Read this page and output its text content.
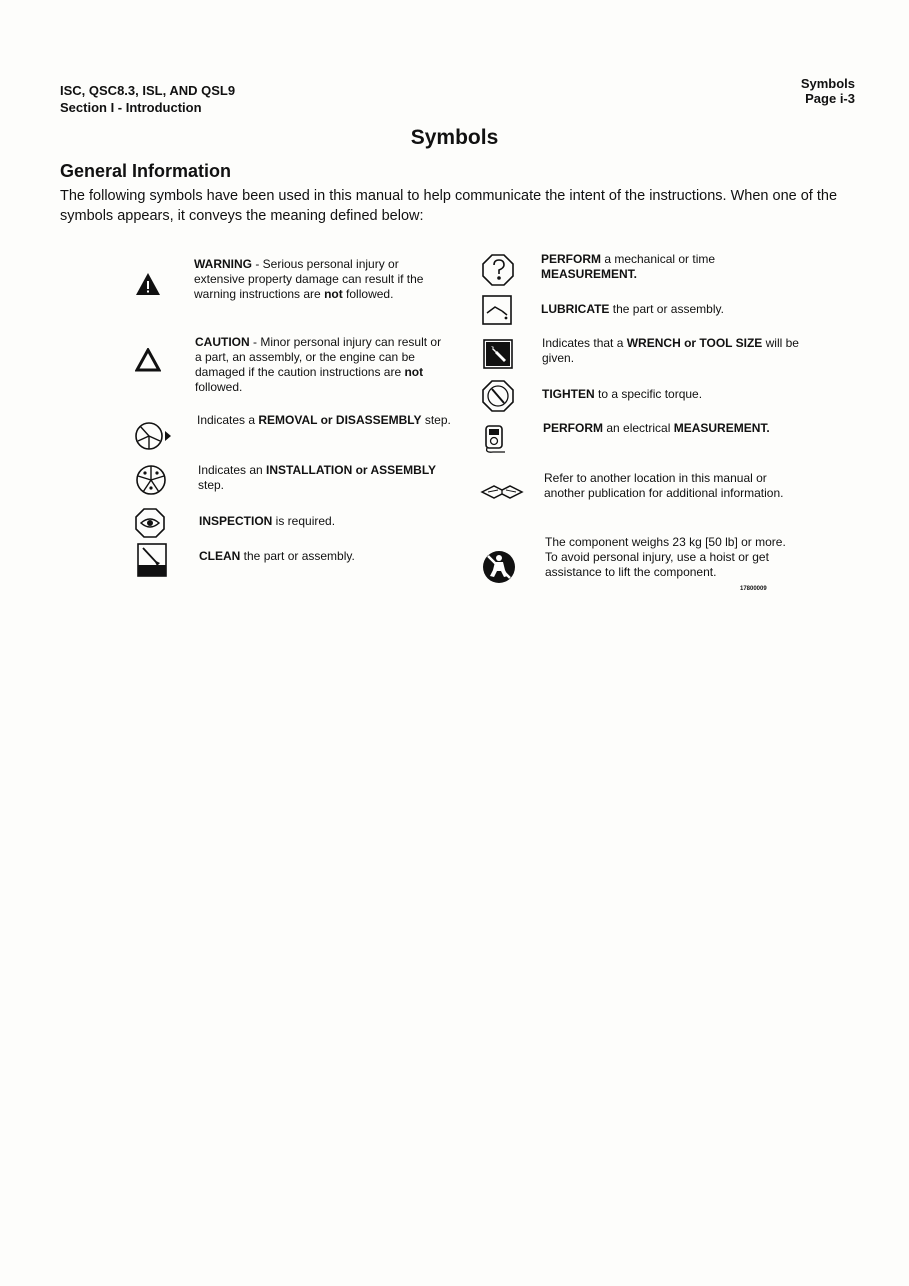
ISC, QSC8.3, ISL, AND QSL9
Section I - Introduction
Symbols
Page i-3
Symbols
General Information
The following symbols have been used in this manual to help communicate the intent of the instructions. When one of the symbols appears, it conveys the meaning defined below:
WARNING - Serious personal injury or extensive property damage can result if the warning instructions are not followed.
CAUTION - Minor personal injury can result or a part, an assembly, or the engine can be damaged if the caution instructions are not followed.
Indicates a REMOVAL or DISASSEMBLY step.
Indicates an INSTALLATION or ASSEMBLY step.
INSPECTION is required.
CLEAN the part or assembly.
PERFORM a mechanical or time MEASUREMENT.
LUBRICATE the part or assembly.
Indicates that a WRENCH or TOOL SIZE will be given.
TIGHTEN to a specific torque.
PERFORM an electrical MEASUREMENT.
Refer to another location in this manual or another publication for additional information.
The component weighs 23 kg [50 lb] or more. To avoid personal injury, use a hoist or get assistance to lift the component.
17800009
